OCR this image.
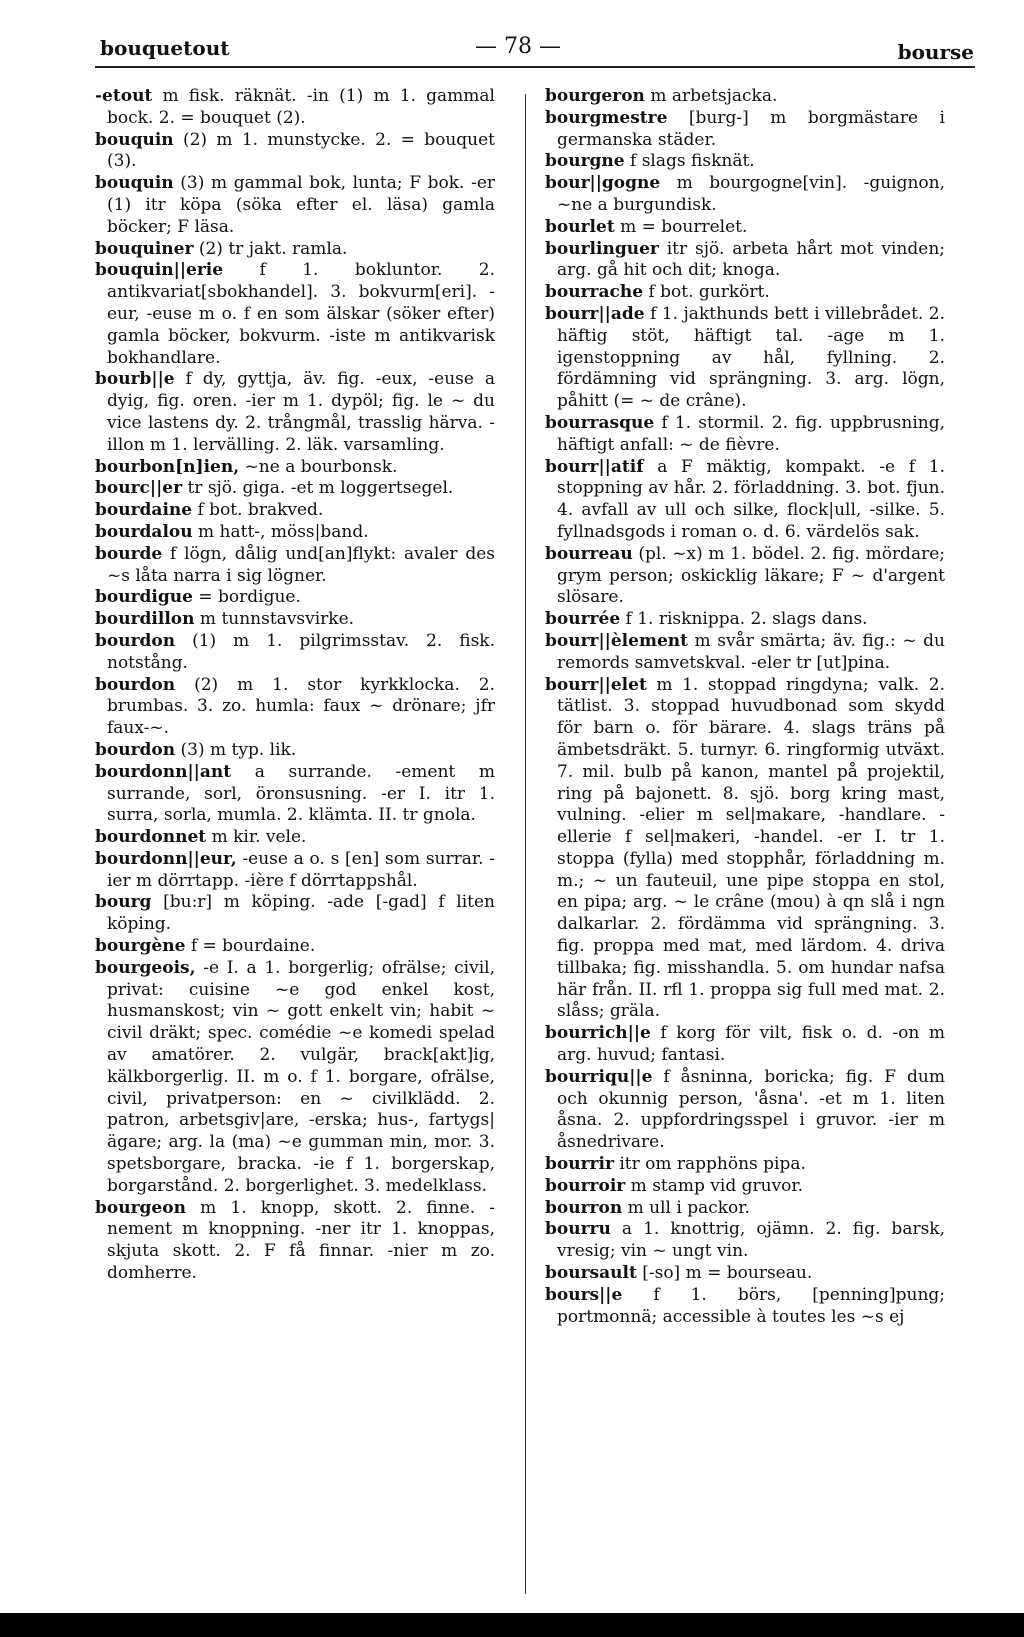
bouquetout	— 78 —	bourse

-etout m fisk. räknät. -in (1) m 1. gammal bock. 2. = bouquet (2).

bouquin (2) m 1. munstycke. 2. = bouquet (3).

bouquin (3) m gammal bok, lunta; F bok. -er (1) itr köpa (söka efter el. läsa) gamla böcker; F läsa.

bouquiner (2) tr jakt. ramla.

bouquin||erie f 1. bokluntor. 2. antikvariat[sbokhandel]. 3. bokvurm[eri]. -eur, -euse m o. f en som älskar (söker efter) gamla böcker, bokvurm. -iste m antikvarisk bokhandlare.

bourb||e f dy, gyttja, äv. fig. -eux, -euse a dyig, fig. oren. -ier m 1. dypöl; fig. le ~ du vice lastens dy. 2. trångmål, trasslig härva. -illon m 1. lervälling. 2. läk. varsamling.

bourbon[n]ien, ~ne a bourbonsk.

bourc||er tr sjö. giga. -et m loggertsegel.

bourdaine f bot. brakved.

bourdalou m hatt-, möss|band.

bourde f lögn, dålig und[an]flykt: avaler des ~s låta narra i sig lögner.

bourdigue = bordigue.

bourdillon m tunnstavsvirke.

bourdon (1) m 1. pilgrimsstav. 2. fisk. notstång.

bourdon (2) m 1. stor kyrkklocka. 2. brumbas. 3. zo. humla: faux ~ drönare; jfr faux-~.

bourdon (3) m typ. lik.

bourdonn||ant a surrande. -ement m surrande, sorl, öronsusning. -er I. itr 1. surra, sorla, mumla. 2. klämta. II. tr gnola.

bourdonnet m kir. vele.

bourdonn||eur, -euse a o. s [en] som surrar. -ier m dörrtapp. -ière f dörrtappshål.

bourg [bu:r] m köping. -ade [-gad] f liten köping.

bourgène f = bourdaine.

bourgeois, -e I. a 1. borgerlig; ofrälse; civil, privat: cuisine ~e god enkel kost, husmanskost; vin ~ gott enkelt vin; habit ~ civil dräkt; spec. comédie ~e komedi spelad av amatörer. 2. vulgär, brack[akt]ig, kälkborgerlig. II. m o. f 1. borgare, ofrälse, civil, privatperson: en ~ civilklädd. 2. patron, arbetsgiv|are, -erska; hus-, fartygs|ägare; arg. la (ma) ~e gumman min, mor. 3. spetsborgare, bracka. -ie f 1. borgerskap, borgarstånd. 2. borgerlighet. 3. medelklass.

bourgeon m 1. knopp, skott. 2. finne. -nement m knoppning. -ner itr 1. knoppas, skjuta skott. 2. F få finnar. -nier m zo. domherre.

bourgeron m arbetsjacka.

bourgmestre [burg-] m borgmästare i germanska städer.

bourgne f slags fisknät.

bour||gogne m bourgogne[vin]. -guignon, ~ne a burgundisk.

bourlet m = bourrelet.

bourlinguer itr sjö. arbeta hårt mot vinden; arg. gå hit och dit; knoga.

bourrache f bot. gurkört.

bourr||ade f 1. jakthunds bett i villebrådet. 2. häftig stöt, häftigt tal. -age m 1. igenstoppning av hål, fyllning. 2. fördämning vid sprängning. 3. arg. lögn, påhitt (= ~ de crâne).

bourrasque f 1. stormil. 2. fig. uppbrusning, häftigt anfall: ~ de fièvre.

bourr||atif a F mäktig, kompakt. -e f 1. stoppning av hår. 2. förladdning. 3. bot. fjun. 4. avfall av ull och silke, flock|ull, -silke. 5. fyllnadsgods i roman o. d. 6. värdelös sak.

bourreau (pl. ~x) m 1. bödel. 2. fig. mördare; grym person; oskicklig läkare; F ~ d'argent slösare.

bourrée f 1. risknippa. 2. slags dans.

bourr||èlement m svår smärta; äv. fig.: ~ du remords samvetskval. -eler tr [ut]pina.

bourr||elet m 1. stoppad ringdyna; valk. 2. tätlist. 3. stoppad huvudbonad som skydd för barn o. för bärare. 4. slags träns på ämbetsdräkt. 5. turnyr. 6. ringformig utväxt. 7. mil. bulb på kanon, mantel på projektil, ring på bajonett. 8. sjö. borg kring mast, vulning. -elier m sel|makare, -handlare. -ellerie f sel|makeri, -handel. -er I. tr 1. stoppa (fylla) med stopphår, förladdning m. m.; ~ un fauteuil, une pipe stoppa en stol, en pipa; arg. ~ le crâne (mou) à qn slå i ngn dalkarlar. 2. fördämma vid sprängning. 3. fig. proppa med mat, med lärdom. 4. driva tillbaka; fig. misshandla. 5. om hundar nafsa här från. II. rfl 1. proppa sig full med mat. 2. slåss; gräla.

bourrich||e f korg för vilt, fisk o. d. -on m arg. huvud; fantasi.

bourriqu||e f åsninna, boricka; fig. F dum och okunnig person, 'åsna'. -et m 1. liten åsna. 2. uppfordringsspel i gruvor. -ier m åsnedrivare.

bourrir itr om rapphöns pipa.

bourroir m stamp vid gruvor.

bourron m ull i packor.

bourru a 1. knottrig, ojämn. 2. fig. barsk, vresig; vin ~ ungt vin.

boursault [-so] m = bourseau.

bours||e f 1. börs, [penning]pung; portmonnä; accessible à toutes les ~s ej
